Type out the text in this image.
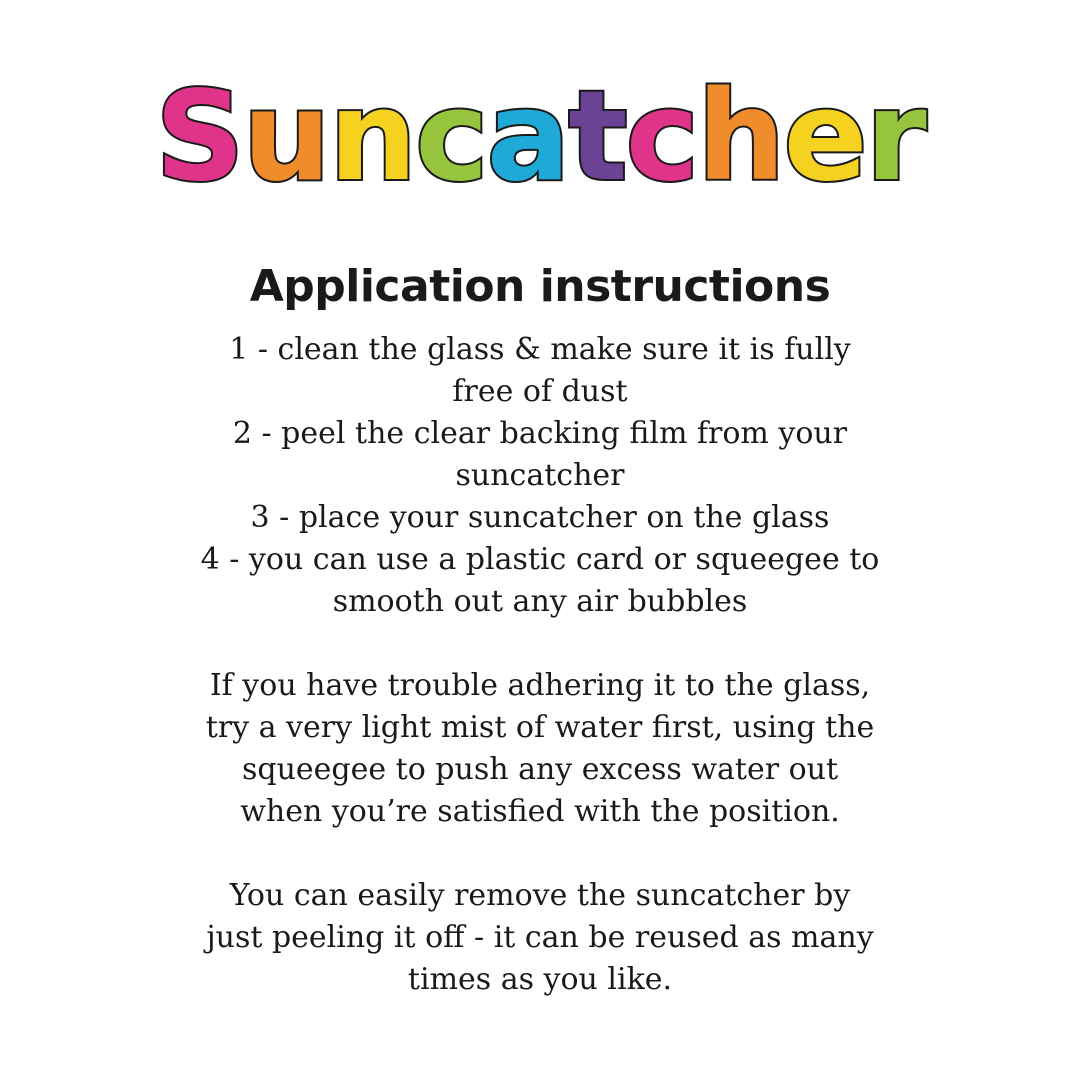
Suncatcher
Application instructions
1 - clean the glass & make sure it is fully
free of dust
2 - peel the clear backing film from your
suncatcher
3 - place your suncatcher on the glass
4 - you can use a plastic card or squeegee to
smooth out any air bubbles
If you have trouble adhering it to the glass,
try a very light mist of water first, using the
squeegee to push any excess water out
when you’re satisfied with the position.
You can easily remove the suncatcher by
just peeling it off - it can be reused as many
times as you like.
